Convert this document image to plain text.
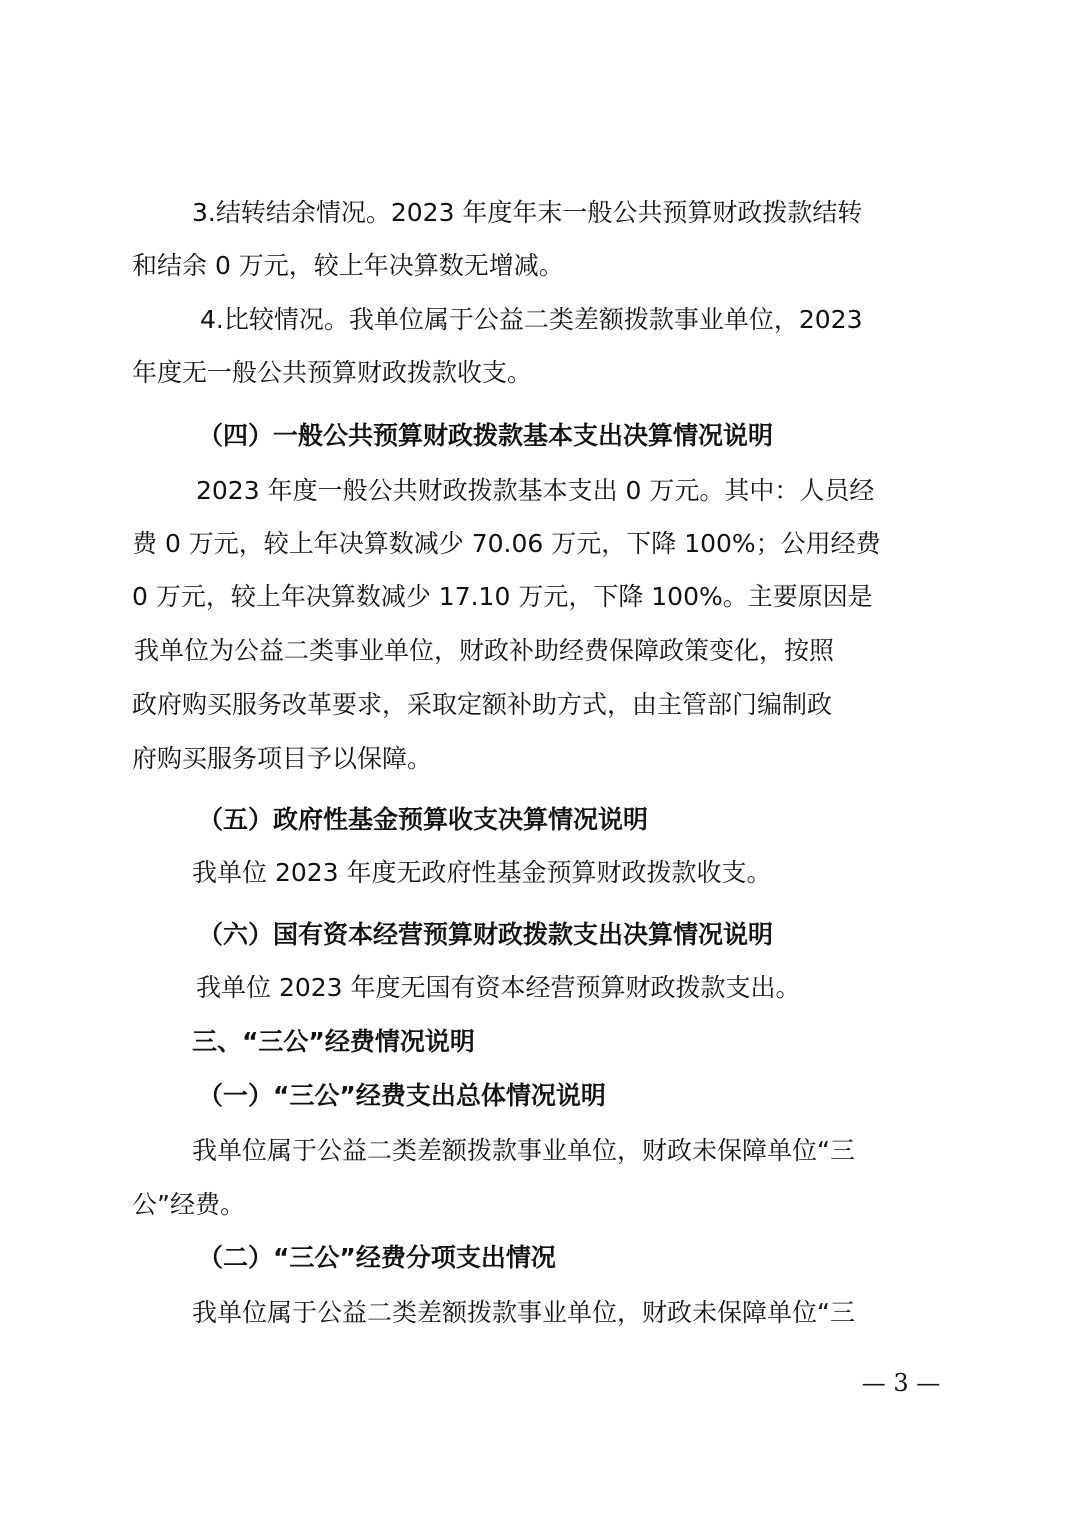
3.结转结余情况。2023 年度年末一般公共预算财政拨款结转
和结余 0 万元，较上年决算数无增减。
4.比较情况。我单位属于公益二类差额拨款事业单位，2023
年度无一般公共预算财政拨款收支。
（四）一般公共预算财政拨款基本支出决算情况说明
2023 年度一般公共财政拨款基本支出 0 万元。其中：人员经
费 0 万元，较上年决算数减少 70.06 万元，下降 100%；公用经费
0 万元，较上年决算数减少 17.10 万元，下降 100%。主要原因是
我单位为公益二类事业单位，财政补助经费保障政策变化，按照
政府购买服务改革要求，采取定额补助方式，由主管部门编制政
府购买服务项目予以保障。
（五）政府性基金预算收支决算情况说明
我单位 2023 年度无政府性基金预算财政拨款收支。
（六）国有资本经营预算财政拨款支出决算情况说明
我单位 2023 年度无国有资本经营预算财政拨款支出。
三、“三公”经费情况说明
（一）“三公”经费支出总体情况说明
我单位属于公益二类差额拨款事业单位，财政未保障单位“三
公”经费。
（二）“三公”经费分项支出情况
我单位属于公益二类差额拨款事业单位，财政未保障单位“三
— 3 —
